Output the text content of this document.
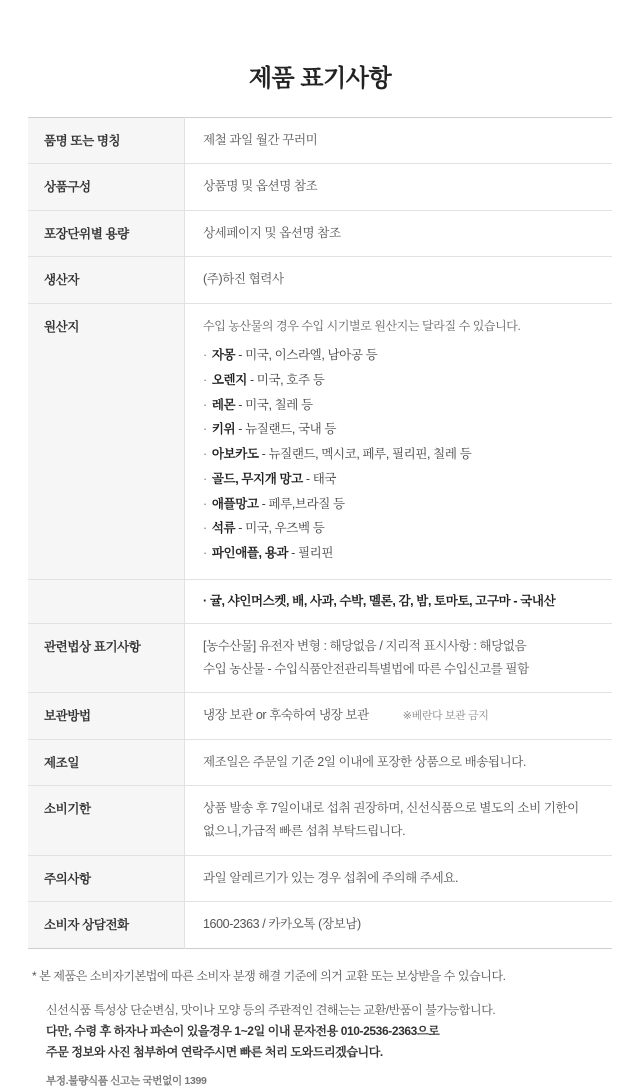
제품 표기사항
품명 또는 명칭	제철 과일 월간 꾸러미
상품구성	상품명 및 옵션명 참조
포장단위별 용량	상세페이지 및 옵션명 참조
생산자	(주)하진 협력사
원산지	수입 농산물의 경우 수입 시기별로 원산지는 달라질 수 있습니다.

· 자몽 - 미국, 이스라엘, 남아공 등
· 오렌지 - 미국, 호주 등
· 레몬 - 미국, 칠레 등
· 키위 - 뉴질랜드, 국내 등
· 아보카도 - 뉴질랜드, 멕시코, 페루, 필리핀, 칠레 등
· 골드, 무지개 망고 - 태국
· 애플망고 - 페루,브라질 등
· 석류 - 미국, 우즈벡 등
· 파인애플, 용과 - 필리핀

	· 귤, 샤인머스켓, 배, 사과, 수박, 멜론, 감, 밤, 토마토, 고구마 - 국내산

관련법상 표기사항	[농수산물] 유전자 변형 : 해당없음 / 지리적 표시사항 : 해당없음
수입 농산물 - 수입식품안전관리특별법에 따른 수입신고를 필함

보관방법	냉장 보관 or 후숙하여 냉장 보관 ※베란다 보관 금지
제조일	제조일은 주문일 기준 2일 이내에 포장한 상품으로 배송됩니다.
소비기한	상품 발송 후 7일이내로 섭취 권장하며, 신선식품으로 별도의 소비 기한이
없으니,가급적 빠른 섭취 부탁드립니다.

주의사항	과일 알레르기가 있는 경우 섭취에 주의해 주세요.
소비자 상담전화	1600-2363 / 카카오톡 (장보남)
* 본 제품은 소비자기본법에 따른 소비자 분쟁 해결 기준에 의거 교환 또는 보상받을 수 있습니다.
신선식품 특성상 단순변심, 맛이나 모양 등의 주관적인 견해는는 교환/반품이 불가능합니다.
다만, 수령 후 하자나 파손이 있을경우 1~2일 이내 문자전용 010-2536-2363으로
주문 정보와 사진 첨부하여 연락주시면 빠른 처리 도와드리겠습니다.
부정.불량식품 신고는 국번없이 1399
